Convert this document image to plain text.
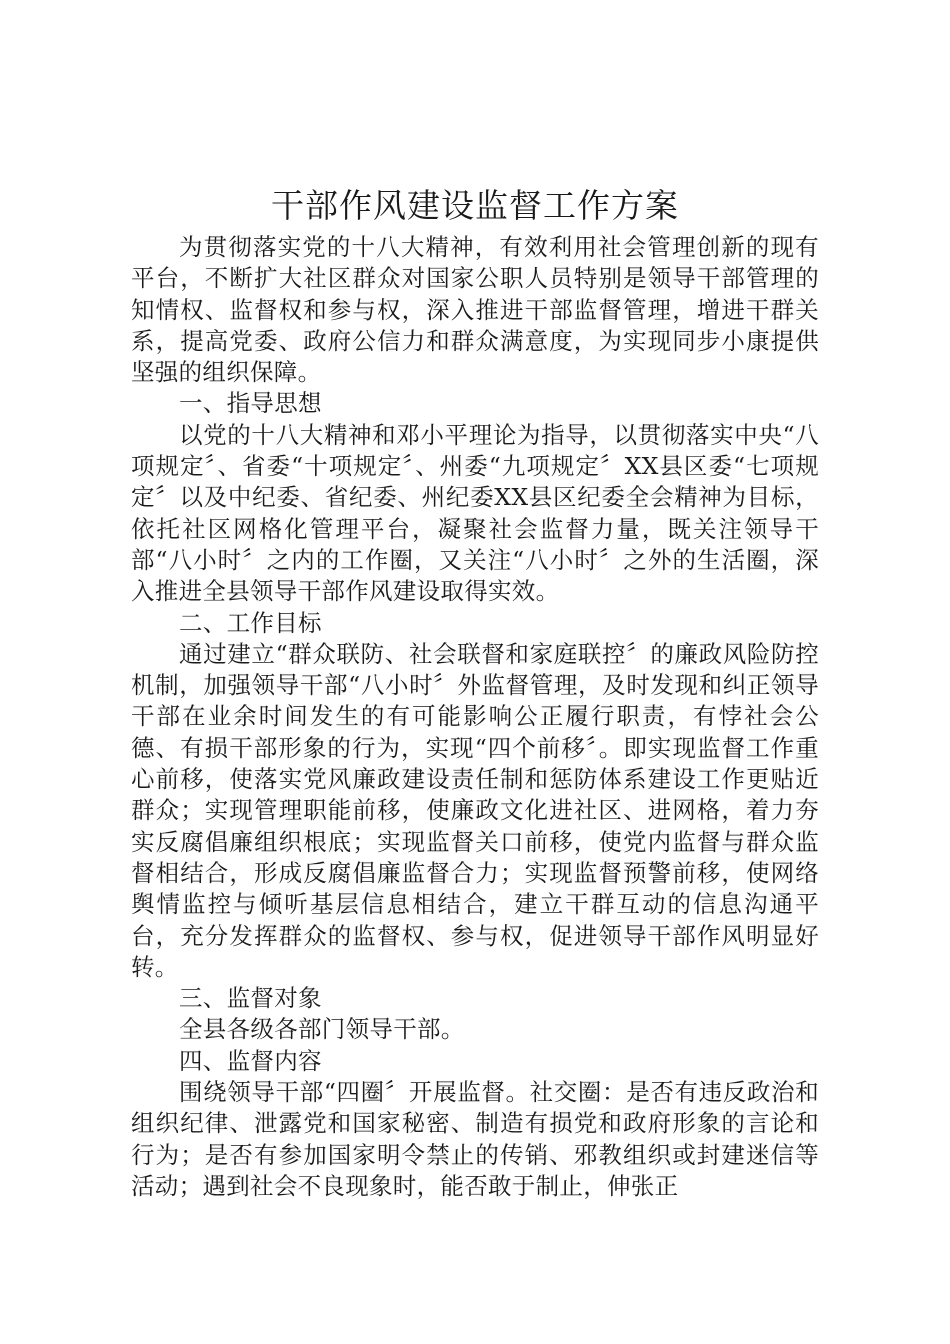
干部作风建设监督工作方案

为贯彻落实党的十八大精神，有效利用社会管理创新的现有平台，不断扩大社区群众对国家公职人员特别是领导干部管理的知情权、监督权和参与权，深入推进干部监督管理，增进干群关系，提高党委、政府公信力和群众满意度，为实现同步小康提供坚强的组织保障。

一、指导思想

以党的十八大精神和邓小平理论为指导，以贯彻落实中央“八项规定〞、省委“十项规定〞、州委“九项规定〞XX县区委“七项规定〞以及中纪委、省纪委、州纪委XX县区纪委全会精神为目标，依托社区网格化管理平台，凝聚社会监督力量，既关注领导干部“八小时〞之内的工作圈，又关注“八小时〞之外的生活圈，深入推进全县领导干部作风建设取得实效。

二、工作目标

通过建立“群众联防、社会联督和家庭联控〞的廉政风险防控机制，加强领导干部“八小时〞外监督管理，及时发现和纠正领导干部在业余时间发生的有可能影响公正履行职责，有悖社会公德、有损干部形象的行为，实现“四个前移〞。即实现监督工作重心前移，使落实党风廉政建设责任制和惩防体系建设工作更贴近群众；实现管理职能前移，使廉政文化进社区、进网格，着力夯实反腐倡廉组织根底；实现监督关口前移，使党内监督与群众监督相结合，形成反腐倡廉监督合力；实现监督预警前移，使网络舆情监控与倾听基层信息相结合，建立干群互动的信息沟通平台，充分发挥群众的监督权、参与权，促进领导干部作风明显好转。

三、监督对象

全县各级各部门领导干部。

四、监督内容

围绕领导干部“四圈〞开展监督。社交圈：是否有违反政治和组织纪律、泄露党和国家秘密、制造有损党和政府形象的言论和行为；是否有参加国家明令禁止的传销、邪教组织或封建迷信等活动；遇到社会不良现象时，能否敢于制止，伸张正
